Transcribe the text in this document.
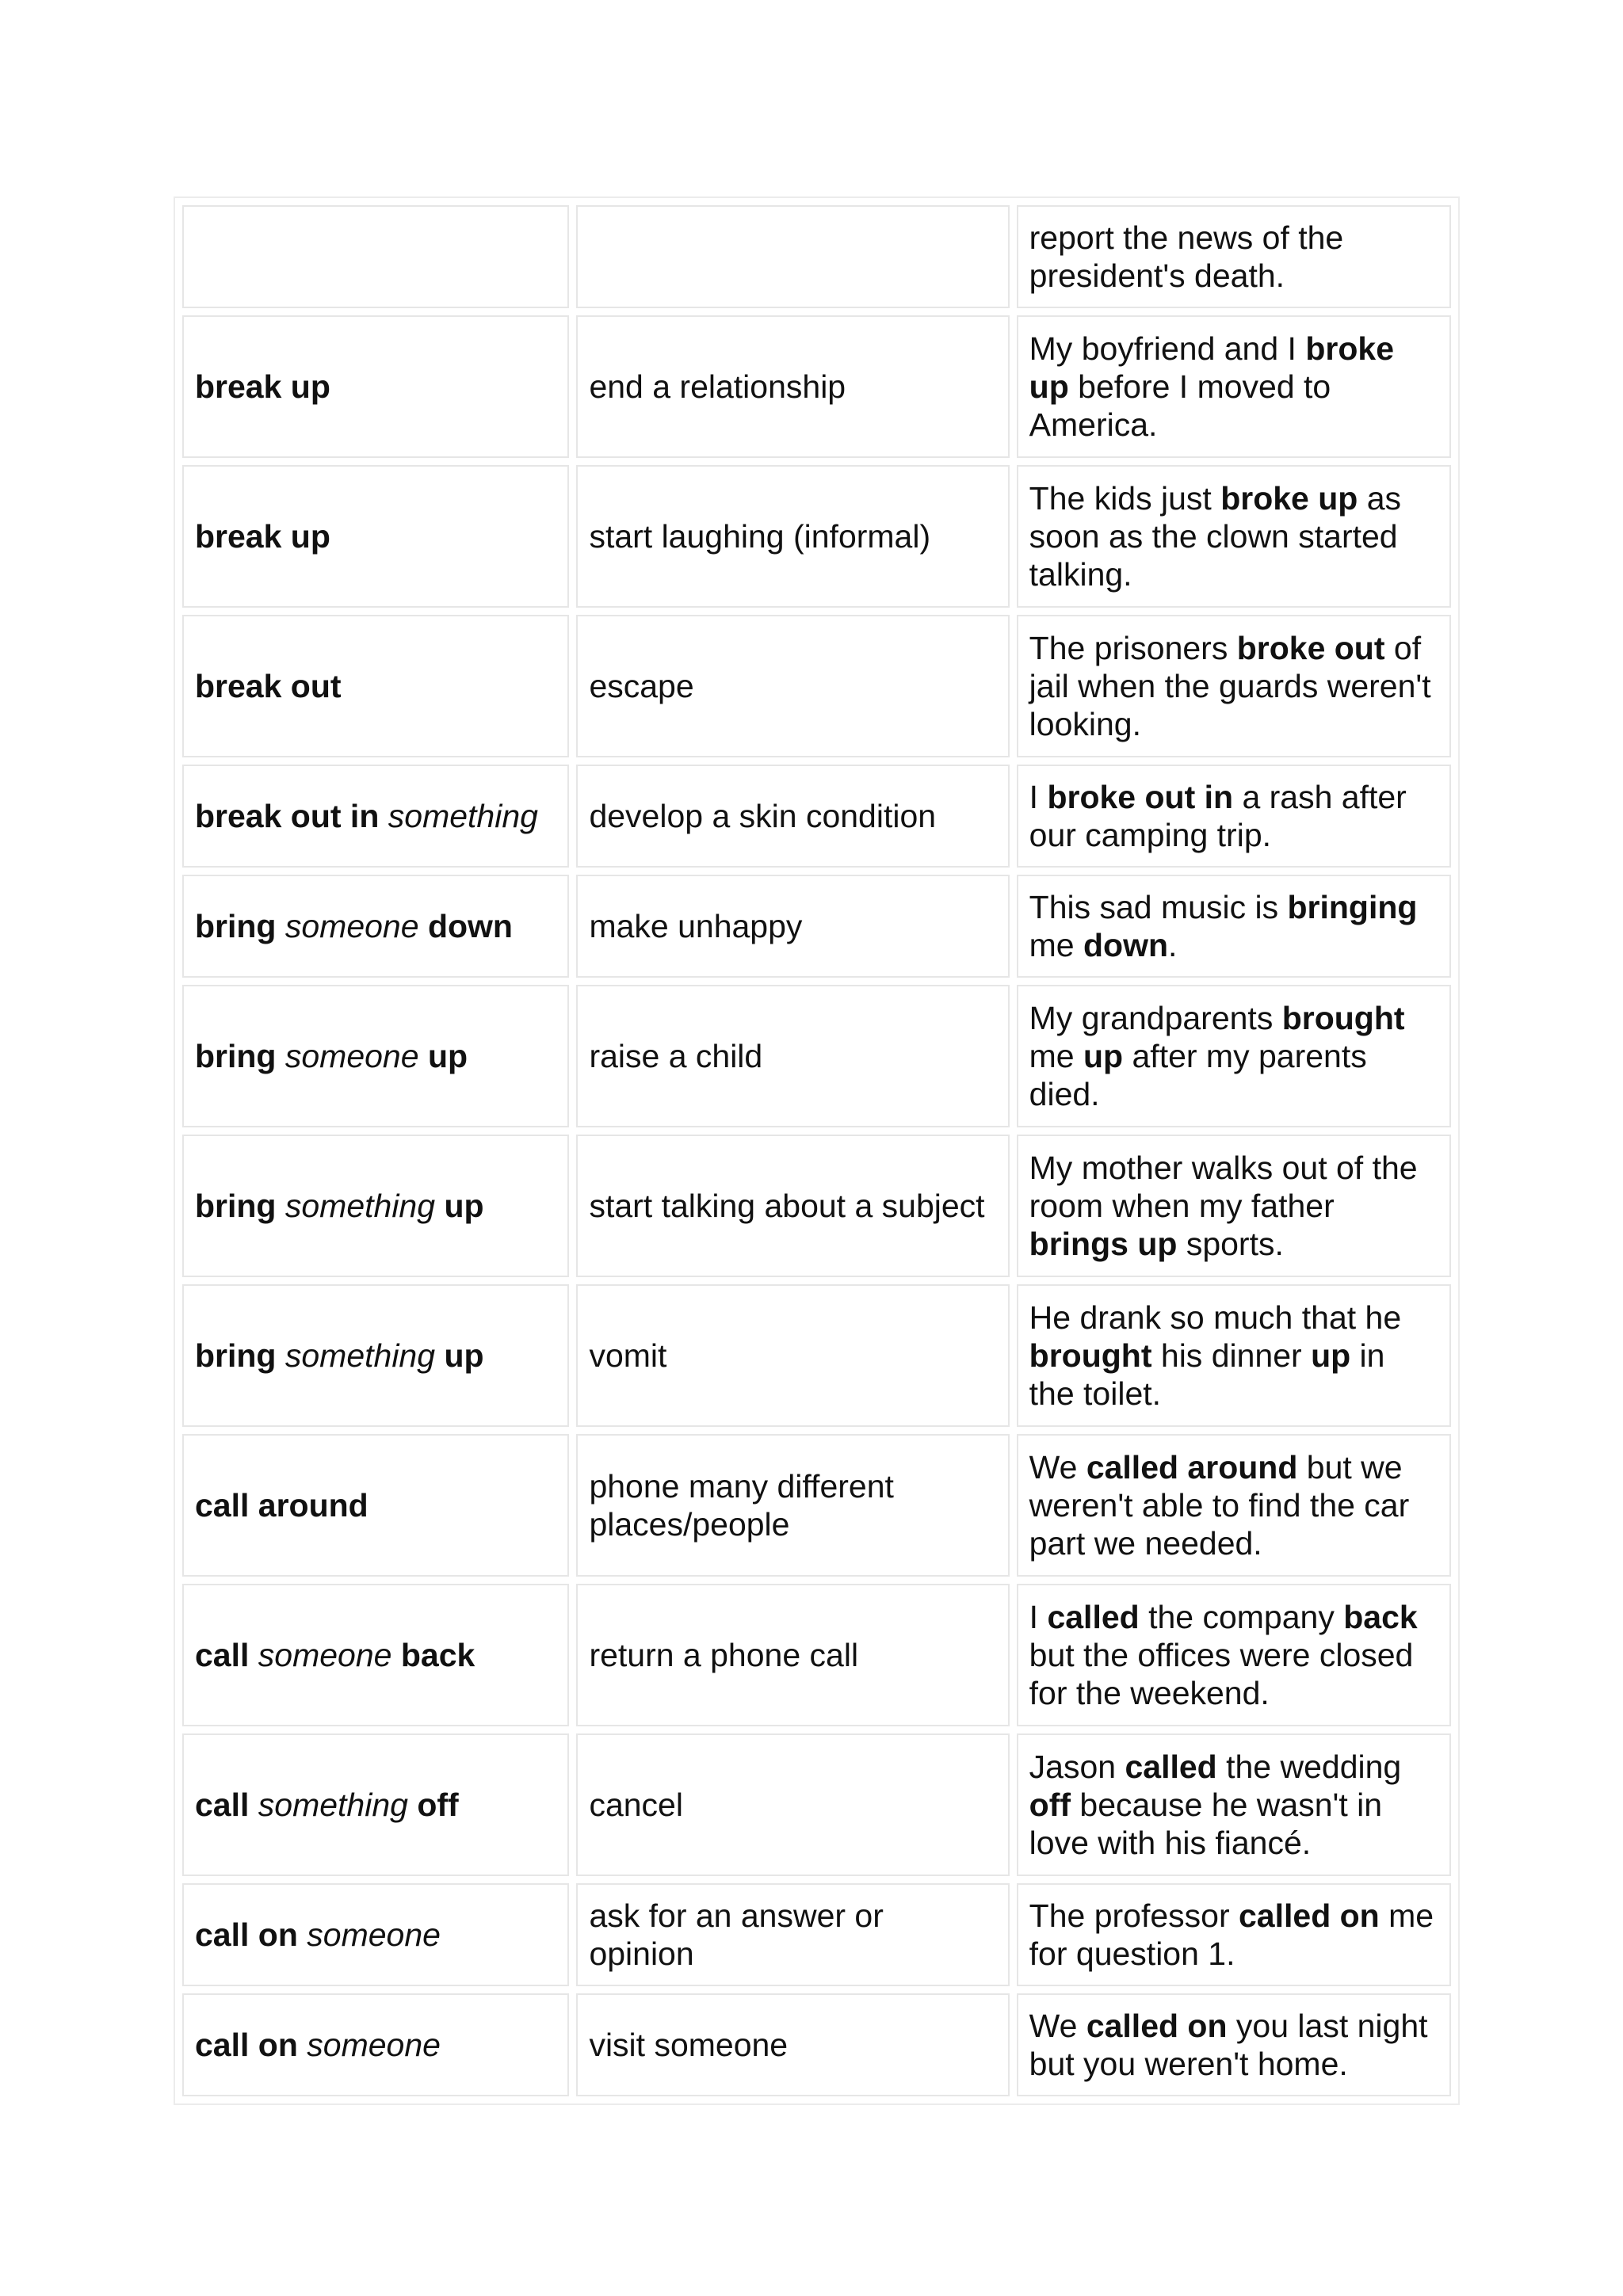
		report the news of the president's death.
break up	end a relationship	My boyfriend and I broke up before I moved to America.
break up	start laughing (informal)	The kids just broke up as soon as the clown started talking.
break out	escape	The prisoners broke out of jail when the guards weren't looking.
break out in something	develop a skin condition	I broke out in a rash after our camping trip.
bring someone down	make unhappy	This sad music is bringing me down.
bring someone up	raise a child	My grandparents brought me up after my parents died.
bring something up	start talking about a subject	My mother walks out of the room when my father brings up sports.
bring something up	vomit	He drank so much that he brought his dinner up in the toilet.
call around	phone many different places/people	We called around but we weren't able to find the car part we needed.
call someone back	return a phone call	I called the company back but the offices were closed for the weekend.
call something off	cancel	Jason called the wedding off because he wasn't in love with his fiancé.
call on someone	ask for an answer or opinion	The professor called on me for question 1.
call on someone	visit someone	We called on you last night but you weren't home.
